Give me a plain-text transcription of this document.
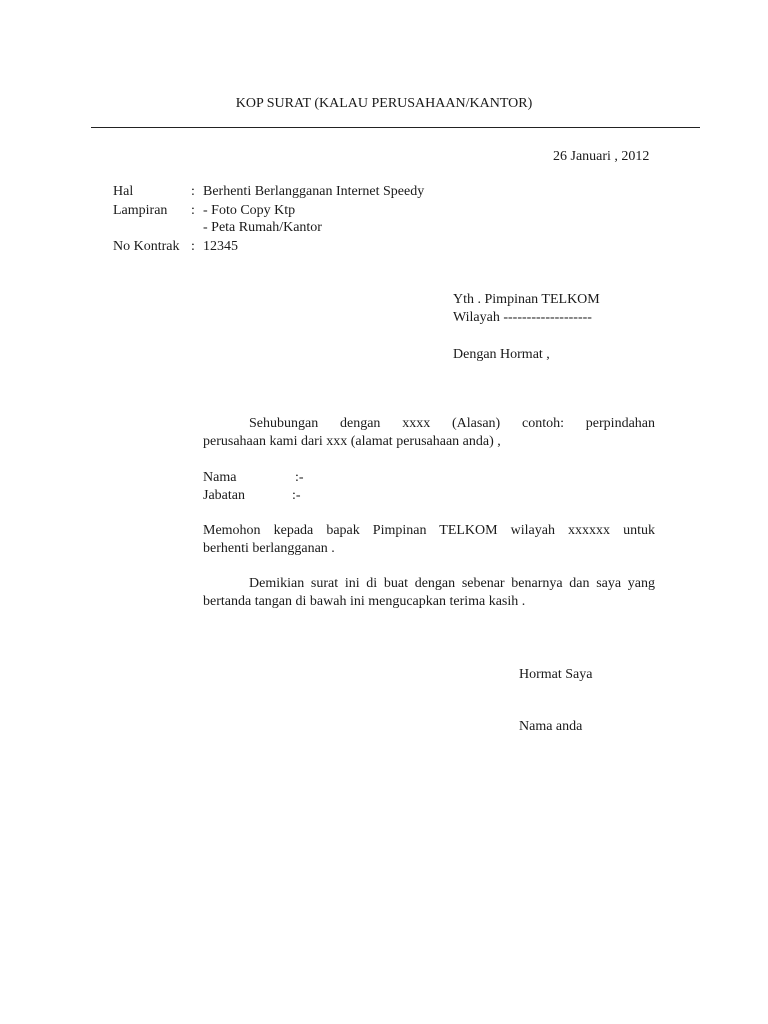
KOP SURAT (KALAU PERUSAHAAN/KANTOR)
26 Januari , 2012
Hal	: Berhenti Berlangganan Internet Speedy
Lampiran : - Foto Copy Ktp
- Peta Rumah/Kantor
No Kontrak : 12345
Yth . Pimpinan TELKOM
Wilayah -------------------
Dengan Hormat ,

Sehubungan dengan xxxx (Alasan) contoh: perpindahan

perusahaan kami dari xxx (alamat perusahaan anda) ,

Nama	:-
Jabatan	:-

Memohon kepada bapak Pimpinan TELKOM wilayah xxxxxx untuk

berhenti berlangganan .

Demikian surat ini di buat dengan sebenar benarnya dan saya yang

bertanda tangan di bawah ini mengucapkan terima kasih .

Hormat Saya
Nama anda
